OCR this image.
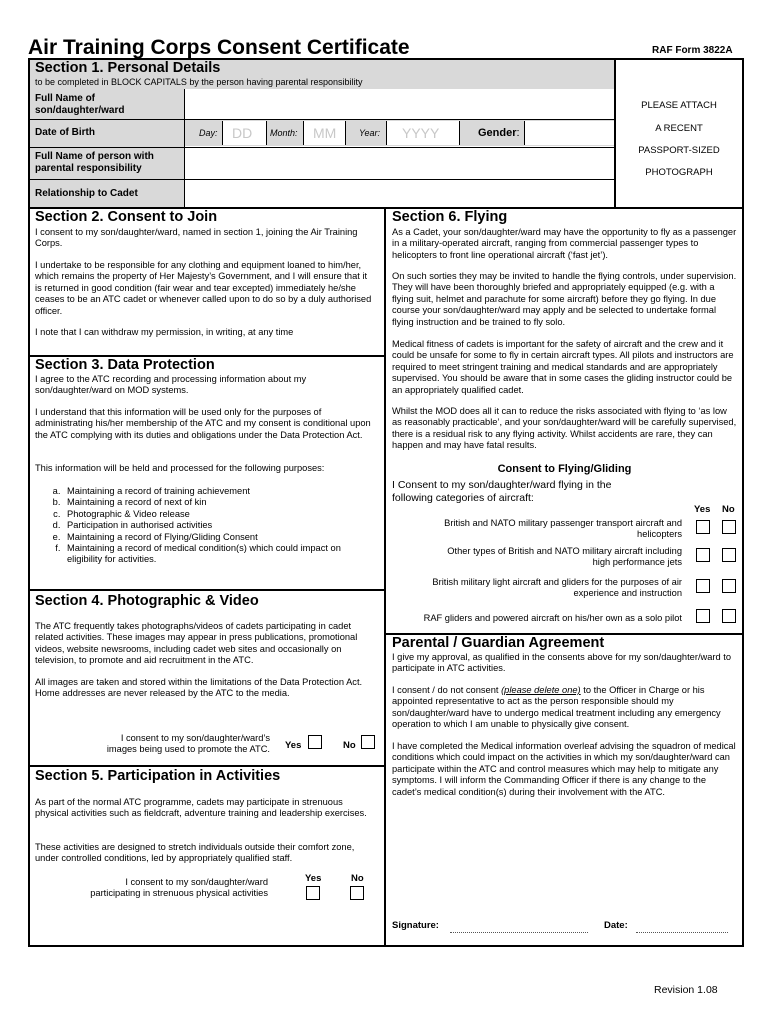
Air Training Corps Consent Certificate	RAF Form 3822A
Section 1. Personal Details
to be completed in BLOCK CAPITALS by the person having parental responsibility
Full Name of
son/daughter/ward
Date of Birth	Day: DD Month: MM	Year: YYYY	Gender:
Full Name of person with
parental responsibility
Relationship to Cadet
PLEASE ATTACH
A RECENT
PASSPORT-SIZED
PHOTOGRAPH
Section 2. Consent to Join
I consent to my son/daughter/ward, named in section 1, joining the Air Training Corps.
I undertake to be responsible for any clothing and equipment loaned to him/her, which remains the property of Her Majesty’s Government, and I will ensure that it is returned in good condition (fair wear and tear excepted) immediately he/she ceases to be an ATC cadet or whenever called upon to do so by a duly authorised officer.
I note that I can withdraw my permission, in writing, at any time
Section 3. Data Protection
I agree to the ATC recording and processing information about my son/daughter/ward on MOD systems.
I understand that this information will be used only for the purposes of administrating his/her membership of the ATC and my consent is conditional upon the ATC complying with its duties and obligations under the Data Protection Act.
This information will be held and processed for the following purposes:
a. Maintaining a record of training achievement
b. Maintaining a record of next of kin
c. Photographic & Video release
d. Participation in authorised activities
e. Maintaining a record of Flying/Gliding Consent
f. Maintaining a record of medical condition(s) which could impact on eligibility for activities.
Section 4. Photographic & Video
The ATC frequently takes photographs/videos of cadets participating in cadet related activities. These images may appear in press publications, promotional videos, website newsrooms, including cadet web sites and occasionally on television, to promote and aid recruitment in the ATC.
All images are taken and stored within the limitations of the Data Protection Act. Home addresses are never released by the ATC to the media.
I consent to my son/daughter/ward’s
images being used to promote the ATC. Yes	No
Section 5. Participation in Activities
As part of the normal ATC programme, cadets may participate in strenuous physical activities such as fieldcraft, adventure training and leadership exercises.
These activities are designed to stretch individuals outside their comfort zone, under controlled conditions, led by appropriately qualified staff.
I consent to my son/daughter/ward
participating in strenuous physical activities
Yes	No
Section 6. Flying
As a Cadet, your son/daughter/ward may have the opportunity to fly as a passenger in a military-operated aircraft, ranging from commercial passenger types to helicopters to front line operational aircraft (‘fast jet’).
On such sorties they may be invited to handle the flying controls, under supervision. They will have been thoroughly briefed and appropriately equipped (e.g. with a flying suit, helmet and parachute for some aircraft) before they go flying. In due course your son/daughter/ward may apply and be selected to undertake formal flying instruction and be trained to fly solo.
Medical fitness of cadets is important for the safety of aircraft and the crew and it could be unsafe for some to fly in certain aircraft types. All pilots and instructors are required to meet stringent training and medical standards and are appropriately supervised. You should be aware that in some cases the gliding instructor could be an appropriately qualified cadet.
Whilst the MOD does all it can to reduce the risks associated with flying to ‘as low as reasonably practicable’, and your son/daughter/ward will be carefully supervised, there is a residual risk to any flying activity. Whilst accidents are rare, they can happen and may have fatal results.
Consent to Flying/Gliding
I Consent to my son/daughter/ward flying in the following categories of aircraft:
Yes No
British and NATO military passenger transport aircraft and helicopters
Other types of British and NATO military aircraft including high performance jets
British military light aircraft and gliders for the purposes of air experience and instruction
RAF gliders and powered aircraft on his/her own as a solo pilot
Parental / Guardian Agreement
I give my approval, as qualified in the consents above for my son/daughter/ward to participate in ATC activities.
I consent / do not consent (please delete one) to the Officer in Charge or his appointed representative to act as the person responsible should my son/daughter/ward have to undergo medical treatment including any emergency operation to which I am unable to physically give consent.
I have completed the Medical information overleaf advising the squadron of medical conditions which could impact on the activities in which my son/daughter/ward can participate within the ATC and control measures which may help to mitigate any symptoms. I will inform the Commanding Officer if there is any change to the cadet’s medical condition(s) during their involvement with the ATC.
Signature:	Date:
Revision 1.08
